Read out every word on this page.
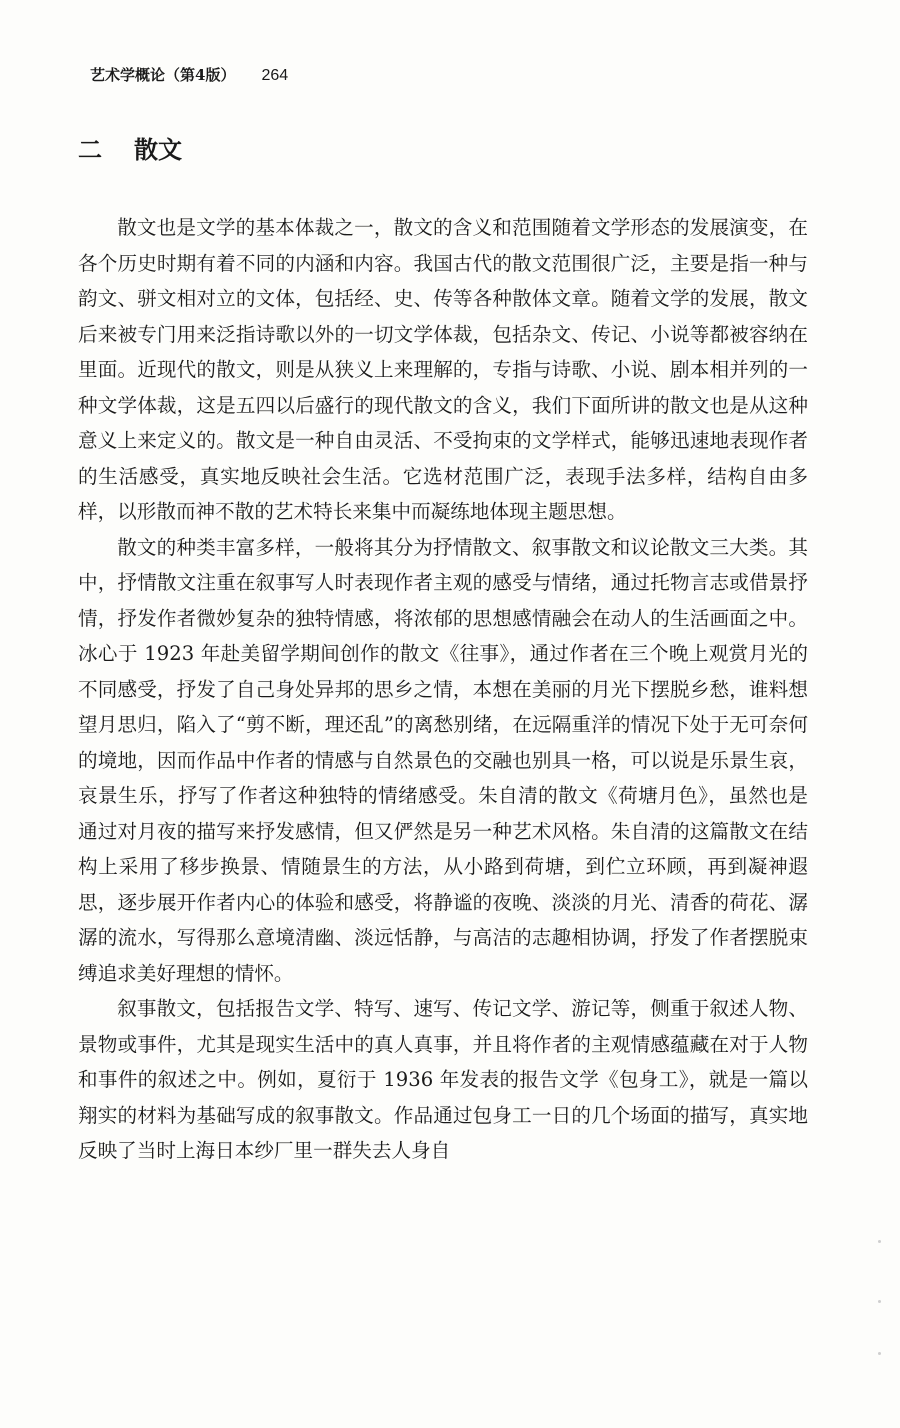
艺术学概论（第4版） 264
二 散文

散文也是文学的基本体裁之一，散文的含义和范围随着文学形态的发展演变，在各个历史时期有着不同的内涵和内容。我国古代的散文范围很广泛，主要是指一种与韵文、骈文相对立的文体，包括经、史、传等各种散体文章。随着文学的发展，散文后来被专门用来泛指诗歌以外的一切文学体裁，包括杂文、传记、小说等都被容纳在里面。近现代的散文，则是从狭义上来理解的，专指与诗歌、小说、剧本相并列的一种文学体裁，这是五四以后盛行的现代散文的含义，我们下面所讲的散文也是从这种意义上来定义的。散文是一种自由灵活、不受拘束的文学样式，能够迅速地表现作者的生活感受，真实地反映社会生活。它选材范围广泛，表现手法多样，结构自由多样，以形散而神不散的艺术特长来集中而凝练地体现主题思想。

散文的种类丰富多样，一般将其分为抒情散文、叙事散文和议论散文三大类。其中，抒情散文注重在叙事写人时表现作者主观的感受与情绪，通过托物言志或借景抒情，抒发作者微妙复杂的独特情感，将浓郁的思想感情融会在动人的生活画面之中。冰心于 1923 年赴美留学期间创作的散文《往事》，通过作者在三个晚上观赏月光的不同感受，抒发了自己身处异邦的思乡之情，本想在美丽的月光下摆脱乡愁，谁料想望月思归，陷入了“剪不断，理还乱”的离愁别绪，在远隔重洋的情况下处于无可奈何的境地，因而作品中作者的情感与自然景色的交融也别具一格，可以说是乐景生哀，哀景生乐，抒写了作者这种独特的情绪感受。朱自清的散文《荷塘月色》，虽然也是通过对月夜的描写来抒发感情，但又俨然是另一种艺术风格。朱自清的这篇散文在结构上采用了移步换景、情随景生的方法，从小路到荷塘，到伫立环顾，再到凝神遐思，逐步展开作者内心的体验和感受，将静谧的夜晚、淡淡的月光、清香的荷花、潺潺的流水，写得那么意境清幽、淡远恬静，与高洁的志趣相协调，抒发了作者摆脱束缚追求美好理想的情怀。

叙事散文，包括报告文学、特写、速写、传记文学、游记等，侧重于叙述人物、景物或事件，尤其是现实生活中的真人真事，并且将作者的主观情感蕴藏在对于人物和事件的叙述之中。例如，夏衍于 1936 年发表的报告文学《包身工》，就是一篇以翔实的材料为基础写成的叙事散文。作品通过包身工一日的几个场面的描写，真实地反映了当时上海日本纱厂里一群失去人身自
